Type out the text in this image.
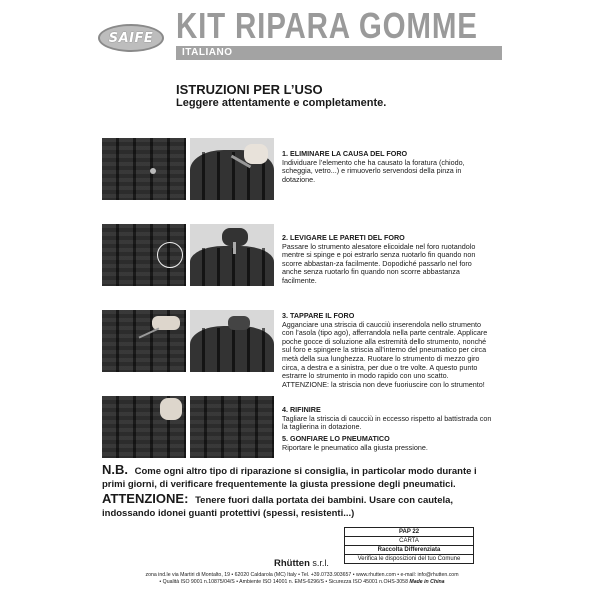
SAIFE KIT RIPARA GOMME
ITALIANO
ISTRUZIONI PER L’USO
Leggere attentamente e completamente.
1. ELIMINARE LA CAUSA DEL FORO
Individuare l’elemento che ha causato la foratura (chiodo, scheggia, vetro...) e rimuoverlo servendosi della pinza in dotazione.
2. LEVIGARE LE PARETI DEL FORO
Passare lo strumento alesatore elicoidale nel foro ruotandolo mentre si spinge e poi estrarlo senza ruotarlo fin quando non scorre abbastan-za facilmente. Dopodiché passarlo nel foro anche senza ruotarlo fin quando non scorre abbastanza facilmente.
3. TAPPARE IL FORO
Agganciare una striscia di caucciù inserendola nello strumento con l’asola (tipo ago), afferrandola nella parte centrale. Applicare poche gocce di soluzione alla estremità dello strumento, nonché sul foro e spingere la striscia all’interno del pneumatico per circa metà della sua lunghezza. Ruotare lo strumento di mezzo giro circa, a destra e a sinistra, per due o tre volte. A questo punto estrarre lo strumento in modo rapido con uno scatto. ATTENZIONE: la striscia non deve fuoriuscire con lo strumento!
4. RIFINIRE
Tagliare la striscia di caucciù in eccesso rispetto al battistrada con la taglierina in dotazione.
5. GONFIARE LO PNEUMATICO
Riportare le pneumatico alla giusta pressione.
N.B. Come ogni altro tipo di riparazione si consiglia, in particolar modo durante i primi giorni, di verificare frequentemente la giusta pressione degli pneumatici.
ATTENZIONE: Tenere fuori dalla portata dei bambini. Usare con cautela, indossando idonei guanti protettivi (spessi, resistenti...)
PAP 22
CARTA
Raccolta Differenziata
Verifica le disposizioni del tuo Comune
Rhütten s.r.l.
zona ind.le via Martiri di Montalto, 19 • 62020 Caldarola (MC) Italy • Tel. +39.0733.903657 • www.rhutten.com • e-mail: info@rhutten.com
• Qualità ISO 9001 n.10875/04/S • Ambiente ISO 14001 n. EMS-6296/S • Sicurezza ISO 45001 n.OHS-3058 Made in China
